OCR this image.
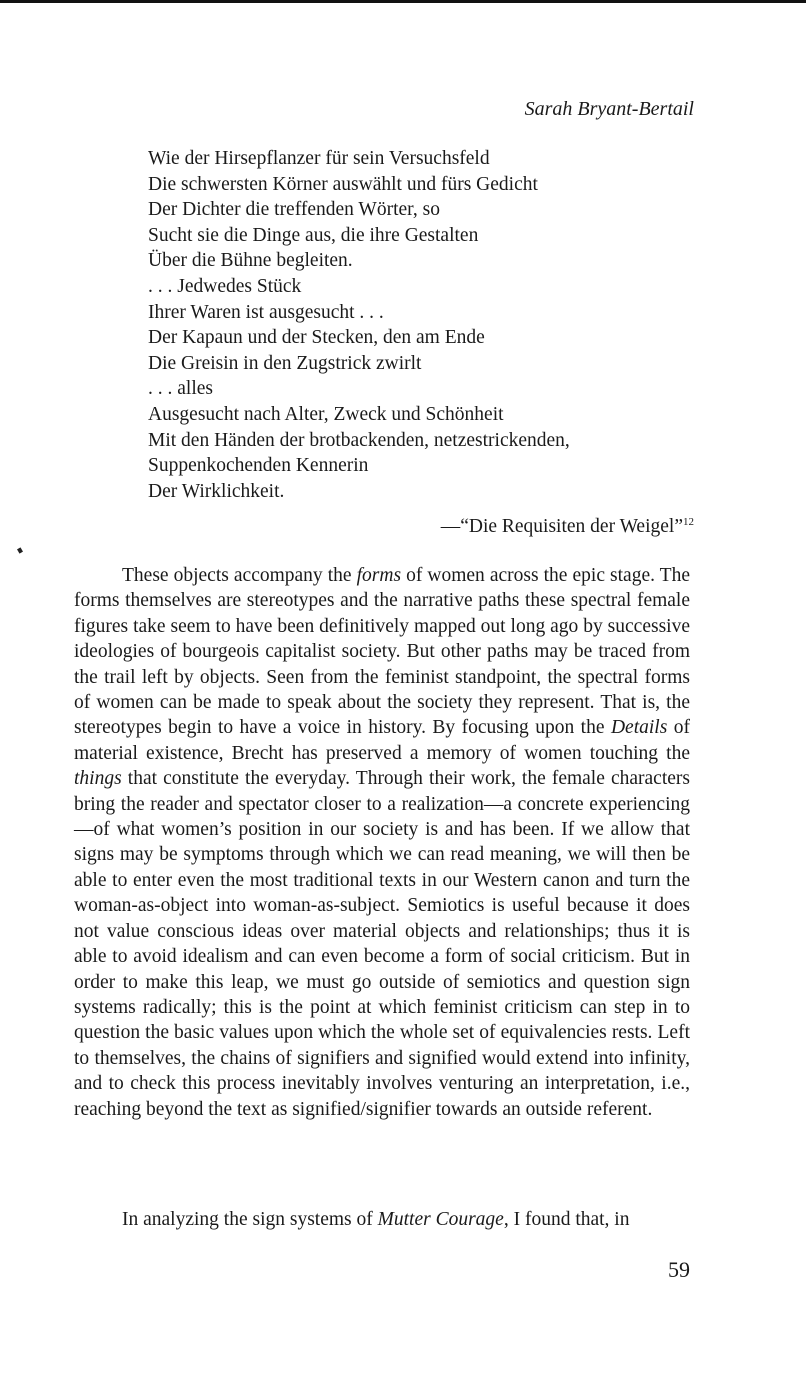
Sarah Bryant-Bertail
Wie der Hirsepflanzer für sein Versuchsfeld
Die schwersten Körner auswählt und fürs Gedicht
Der Dichter die treffenden Wörter, so
Sucht sie die Dinge aus, die ihre Gestalten
Über die Bühne begleiten.
. . . Jedwedes Stück
Ihrer Waren ist ausgesucht . . .
Der Kapaun und der Stecken, den am Ende
Die Greisin in den Zugstrick zwirlt
. . . alles
Ausgesucht nach Alter, Zweck und Schönheit
Mit den Händen der brotbackenden, netzestrickenden,
Suppenkochenden Kennerin
Der Wirklichkeit.
—“Die Requisiten der Weigel”$^{12}$

These objects accompany the forms of women across the epic stage. The forms themselves are stereotypes and the narrative paths these spectral female figures take seem to have been definitively mapped out long ago by successive ideologies of bourgeois capitalist society. But other paths may be traced from the trail left by objects. Seen from the feminist standpoint, the spectral forms of women can be made to speak about the society they represent. That is, the stereotypes begin to have a voice in history. By focusing upon the Details of material existence, Brecht has preserved a memory of women touching the things that constitute the everyday. Through their work, the female characters bring the reader and spectator closer to a realization—a concrete experiencing—of what women’s position in our society is and has been. If we allow that signs may be symptoms through which we can read meaning, we will then be able to enter even the most traditional texts in our Western canon and turn the woman-as-object into woman-as-subject. Semiotics is useful because it does not value conscious ideas over material objects and relationships; thus it is able to avoid idealism and can even become a form of social criticism. But in order to make this leap, we must go outside of semiotics and question sign systems radically; this is the point at which feminist criticism can step in to question the basic values upon which the whole set of equivalencies rests. Left to themselves, the chains of signifiers and signified would extend into infinity, and to check this process inevitably involves venturing an interpretation, i.e., reaching beyond the text as signified/signifier towards an outside referent.

In analyzing the sign systems of Mutter Courage, I found that, in

59
